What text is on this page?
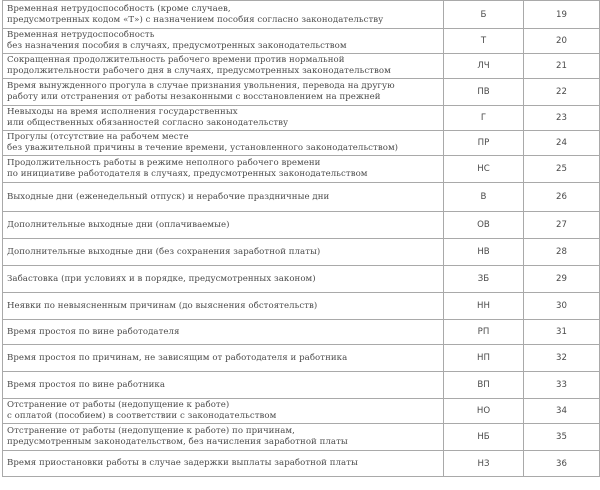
Временная нетрудоспособность (кроме случаев,
предусмотренных кодом «Т») с назначением пособия согласно законодательству	Б	19

Временная нетрудоспособность
без назначения пособия в случаях, предусмотренных законодательством	Т	20

Сокращенная продолжительность рабочего времени против нормальной
продолжительности рабочего дня в случаях, предусмотренных законодательством	ЛЧ	21

Время вынужденного прогула в случае признания увольнения, перевода на другую
работу или отстранения от работы незаконными с восстановлением на прежней	ПВ	22

Невыходы на время исполнения государственных
или общественных обязанностей согласно законодательству	Г	23

Прогулы (отсутствие на рабочем месте
без уважительной причины в течение времени, установленного законодательством)	ПР	24

Продолжительность работы в режиме неполного рабочего времени
по инициативе работодателя в случаях, предусмотренных законодательством	НС	25

Выходные дни (еженедельный отпуск) и нерабочие праздничные дни	В	26

Дополнительные выходные дни (оплачиваемые)	ОВ	27

Дополнительные выходные дни (без сохранения заработной платы)	НВ	28

Забастовка (при условиях и в порядке, предусмотренных законом)	ЗБ	29

Неявки по невыясненным причинам (до выяснения обстоятельств)	НН	30

Время простоя по вине работодателя	РП	31

Время простоя по причинам, не зависящим от работодателя и работника	НП	32

Время простоя по вине работника	ВП	33

Отстранение от работы (недопущение к работе)
с оплатой (пособием) в соответствии с законодательством	НО	34

Отстранение от работы (недопущение к работе) по причинам,
предусмотренным законодательством, без начисления заработной платы	НБ	35

Время приостановки работы в случае задержки выплаты заработной платы	НЗ	36
